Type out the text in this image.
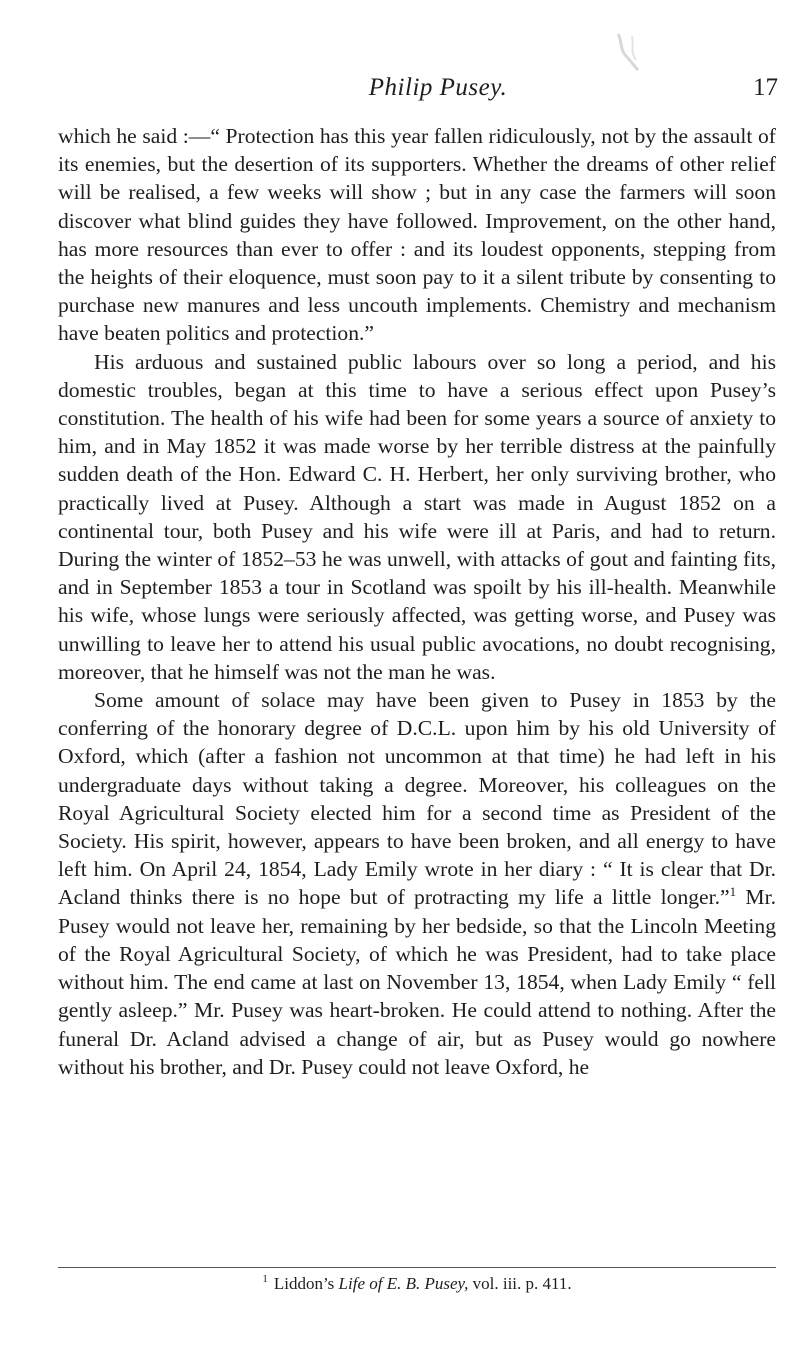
Philip Pusey.	17

which he said :—“ Protection has this year fallen ridiculously, not by the assault of its enemies, but the desertion of its supporters. Whether the dreams of other relief will be realised, a few weeks will show ; but in any case the farmers will soon discover what blind guides they have followed. Improvement, on the other hand, has more resources than ever to offer : and its loudest opponents, stepping from the heights of their eloquence, must soon pay to it a silent tribute by consenting to purchase new manures and less uncouth implements. Chemistry and mechanism have beaten politics and protection.”

His arduous and sustained public labours over so long a period, and his domestic troubles, began at this time to have a serious effect upon Pusey’s constitution. The health of his wife had been for some years a source of anxiety to him, and in May 1852 it was made worse by her terrible distress at the painfully sudden death of the Hon. Edward C. H. Herbert, her only surviving brother, who practically lived at Pusey. Although a start was made in August 1852 on a continental tour, both Pusey and his wife were ill at Paris, and had to return. During the winter of 1852–53 he was unwell, with attacks of gout and fainting fits, and in September 1853 a tour in Scotland was spoilt by his ill-health. Meanwhile his wife, whose lungs were seriously affected, was getting worse, and Pusey was unwilling to leave her to attend his usual public avocations, no doubt recognising, moreover, that he himself was not the man he was.

Some amount of solace may have been given to Pusey in 1853 by the conferring of the honorary degree of D.C.L. upon him by his old University of Oxford, which (after a fashion not uncommon at that time) he had left in his undergraduate days without taking a degree. Moreover, his colleagues on the Royal Agricultural Society elected him for a second time as President of the Society. His spirit, however, appears to have been broken, and all energy to have left him. On April 24, 1854, Lady Emily wrote in her diary : “ It is clear that Dr. Acland thinks there is no hope but of protracting my life a little longer.”$^1$ Mr. Pusey would not leave her, remaining by her bedside, so that the Lincoln Meeting of the Royal Agricultural Society, of which he was President, had to take place without him. The end came at last on November 13, 1854, when Lady Emily “ fell gently asleep.” Mr. Pusey was heart-broken. He could attend to nothing. After the funeral Dr. Acland advised a change of air, but as Pusey would go nowhere without his brother, and Dr. Pusey could not leave Oxford, he

$^1$ Liddon’s Life of E. B. Pusey, vol. iii. p. 411.
